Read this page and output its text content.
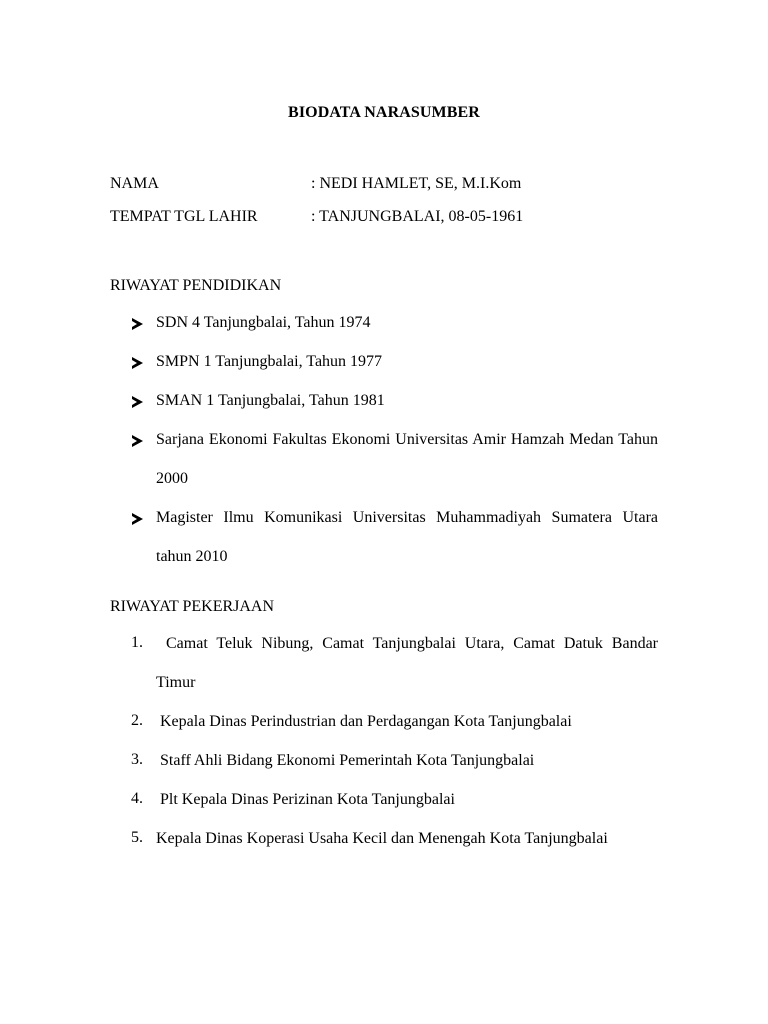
BIODATA NARASUMBER
NAMA	: NEDI HAMLET, SE, M.I.Kom
TEMPAT TGL LAHIR	: TANJUNGBALAI, 08-05-1961
RIWAYAT PENDIDIKAN
SDN 4 Tanjungbalai, Tahun 1974
SMPN 1 Tanjungbalai, Tahun 1977
SMAN 1 Tanjungbalai, Tahun 1981
Sarjana Ekonomi Fakultas Ekonomi Universitas Amir Hamzah Medan Tahun 2000
Magister Ilmu Komunikasi Universitas Muhammadiyah Sumatera Utara tahun 2010
RIWAYAT PEKERJAAN
1.	Camat Teluk Nibung, Camat Tanjungbalai Utara, Camat Datuk Bandar Timur
2. Kepala Dinas Perindustrian dan Perdagangan Kota Tanjungbalai
3. Staff Ahli Bidang Ekonomi Pemerintah Kota Tanjungbalai
4. Plt Kepala Dinas Perizinan Kota Tanjungbalai
5. Kepala Dinas Koperasi Usaha Kecil dan Menengah Kota Tanjungbalai
